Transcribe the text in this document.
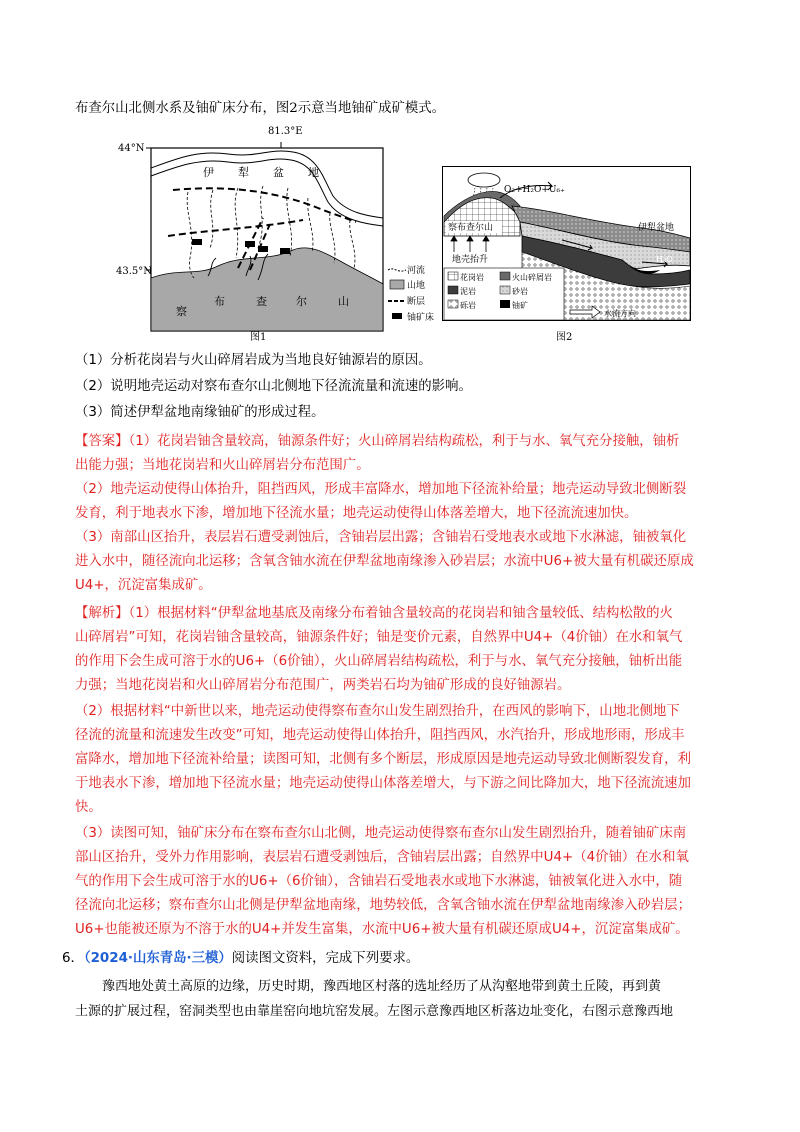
布查尔山北侧水系及铀矿床分布，图2示意当地铀矿成矿模式。
81.3°E
44°N
43.5°N
伊 犁 盆 地
察
布	查	尔	山
河流
山地
断层
铀矿床
图1
O₂+H₂O+U₆₊
察布查尔山
地壳抬升
伊犁盆地
H₂O
花岗岩	火山碎屑岩
泥岩	砂岩
砾岩	铀矿
水流方向
图2
（1）分析花岗岩与火山碎屑岩成为当地良好铀源岩的原因。
（2）说明地壳运动对察布查尔山北侧地下径流流量和流速的影响。
（3）简述伊犁盆地南缘铀矿的形成过程。
【答案】（1）花岗岩铀含量较高，铀源条件好；火山碎屑岩结构疏松，利于与水、氧气充分接触，铀析
出能力强；当地花岗岩和火山碎屑岩分布范围广。
（2）地壳运动使得山体抬升，阻挡西风，形成丰富降水，增加地下径流补给量；地壳运动导致北侧断裂
发育，利于地表水下渗，增加地下径流水量；地壳运动使得山体落差增大，地下径流流速加快。
（3）南部山区抬升，表层岩石遭受剥蚀后，含铀岩层出露；含铀岩石受地表水或地下水淋滤，铀被氧化
进入水中，随径流向北运移；含氧含铀水流在伊犁盆地南缘渗入砂岩层；水流中U6+被大量有机碳还原成
U4+，沉淀富集成矿。
【解析】（1）根据材料“伊犁盆地基底及南缘分布着铀含量较高的花岗岩和铀含量较低、结构松散的火
山碎屑岩”可知，花岗岩铀含量较高，铀源条件好；铀是变价元素，自然界中U4+（4价铀）在水和氧气
的作用下会生成可溶于水的U6+（6价铀），火山碎屑岩结构疏松，利于与水、氧气充分接触，铀析出能
力强；当地花岗岩和火山碎屑岩分布范围广，两类岩石均为铀矿形成的良好铀源岩。
（2）根据材料“中新世以来，地壳运动使得察布查尔山发生剧烈抬升，在西风的影响下，山地北侧地下
径流的流量和流速发生改变”可知，地壳运动使得山体抬升，阻挡西风，水汽抬升，形成地形雨，形成丰
富降水，增加地下径流补给量；读图可知，北侧有多个断层，形成原因是地壳运动导致北侧断裂发育，利
于地表水下渗，增加地下径流水量；地壳运动使得山体落差增大，与下游之间比降加大，地下径流流速加
快。
（3）读图可知，铀矿床分布在察布查尔山北侧，地壳运动使得察布查尔山发生剧烈抬升，随着铀矿床南
部山区抬升，受外力作用影响，表层岩石遭受剥蚀后，含铀岩层出露；自然界中U4+（4价铀）在水和氧
气的作用下会生成可溶于水的U6+（6价铀），含铀岩石受地表水或地下水淋滤，铀被氧化进入水中，随
径流向北运移；察布查尔山北侧是伊犁盆地南缘，地势较低，含氧含铀水流在伊犁盆地南缘渗入砂岩层；
U6+也能被还原为不溶于水的U4+并发生富集，水流中U6+被大量有机碳还原成U4+，沉淀富集成矿。
6．（2024·山东青岛·三模）阅读图文资料，完成下列要求。
豫西地处黄土高原的边缘，历史时期，豫西地区村落的选址经历了从沟壑地带到黄土丘陵，再到黄
土源的扩展过程，窑洞类型也由靠崖窑向地坑窑发展。左图示意豫西地区析落边址变化，右图示意豫西地
